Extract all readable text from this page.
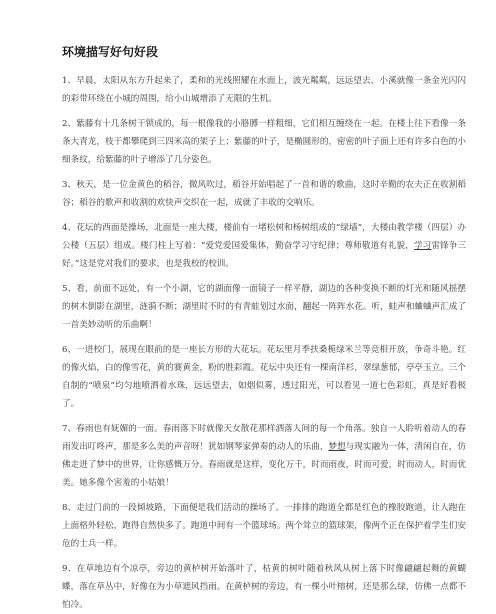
环境描写好句好段

1、早晨，太阳从东方升起来了，柔和的光线照耀在水面上，波光粼粼，远远望去，小溪就像一条金光闪闪的彩带环绕在小城的周围，给小山城增添了无限的生机。

2、紫藤有十几条树干锁成的，每一根像我的小胳膊一样粗细，它们相互缠绕在一起。在楼上往下看像一条条大青龙，枝干都攀爬到三四米高的架子上；紫藤的叶子，是椭圆形的，密密的叶子面上还有许多白色的小细条纹，给紫藤的叶子增添了几分姿色。

3、秋天，是一位金黄色的稻谷，微风吹过，稻谷开始唱起了一首和谐的歌曲，这时辛勤的农夫正在收割稻谷；稻谷的歌声和收割的欢快声交织在一起，成就了丰收的交响乐。

4、花坛的西面是操场，北面是一座大楼，楼前有一堵松树和杨树组成的“绿墙”，大楼由教学楼（四层）办公楼（五层）组成。楼门柱上写着：“爱党爱国爱集体，勤奋学习守纪律；尊师敬道有礼貌，学习雷锋争三好。”这是党对我们的要求，也是我校的校训。

5、看，前面不远处，有一个小湖，它的湖面像一面镜子一样平静，湖边的各种变换不断的灯光和随风摇摆的树木倒影在湖里，涟漪不断；湖里时不时的有青蛙划过水面，翻起一阵阵水花。听，蛙声和蛐蛐声汇成了一首美妙动听的乐曲啊！

6、一进校门，展现在眼前的是一座长方形的大花坛。花坛里月季扶桑栀绿米兰等竞相开放，争奇斗艳。红的像火焰，白的像雪花，黄的赛黄金，粉的胜彩霞。花坛中央还有一棵南洋杉，翠绿葱郁，亭亭玉立。三个自制的“喷泉”均匀地喷洒着水珠，远远望去，如烟似雾，透过阳光，可以看见一道七色彩虹，真是好看极了。

7、春雨也有妩媚的一面。春雨落下时就像天女散花那样洒落人间的每一个角落。独自一人聆听着动人的春雨发出叮咚声，那是多么美的声音呀！犹如钢琴家弹奏的动人的乐曲，梦想与现实融为一体，清闲自在，仿佛走进了梦中的世界，让你感慨万分。春雨就是这样，变化万千，时而雨夜，时而可爱，时而动人，时而优美。她多像个害羞的小姑娘！

8、走过门前的一段倾坡路，下面便是我们活动的操场了。一排排的跑道全都是红色的橡胶跑道，让人跑在上面格外轻松，跑得自然快多了。跑道中间有一个篮球场。两个耸立的篮球架，像两个正在保护着学生们安危的士兵一样。

9、在草地边有个凉亭，旁边的黄栌树开始落叶了，枯黄的树叶随着秋风从树上落下时像翩翩起舞的黄蝴蝶，落在草丛中，好像在为小草遮风挡雨。在黄栌树的旁边，有一棵小叶榕树，还是那么绿，仿佛一点都不怕冷。
